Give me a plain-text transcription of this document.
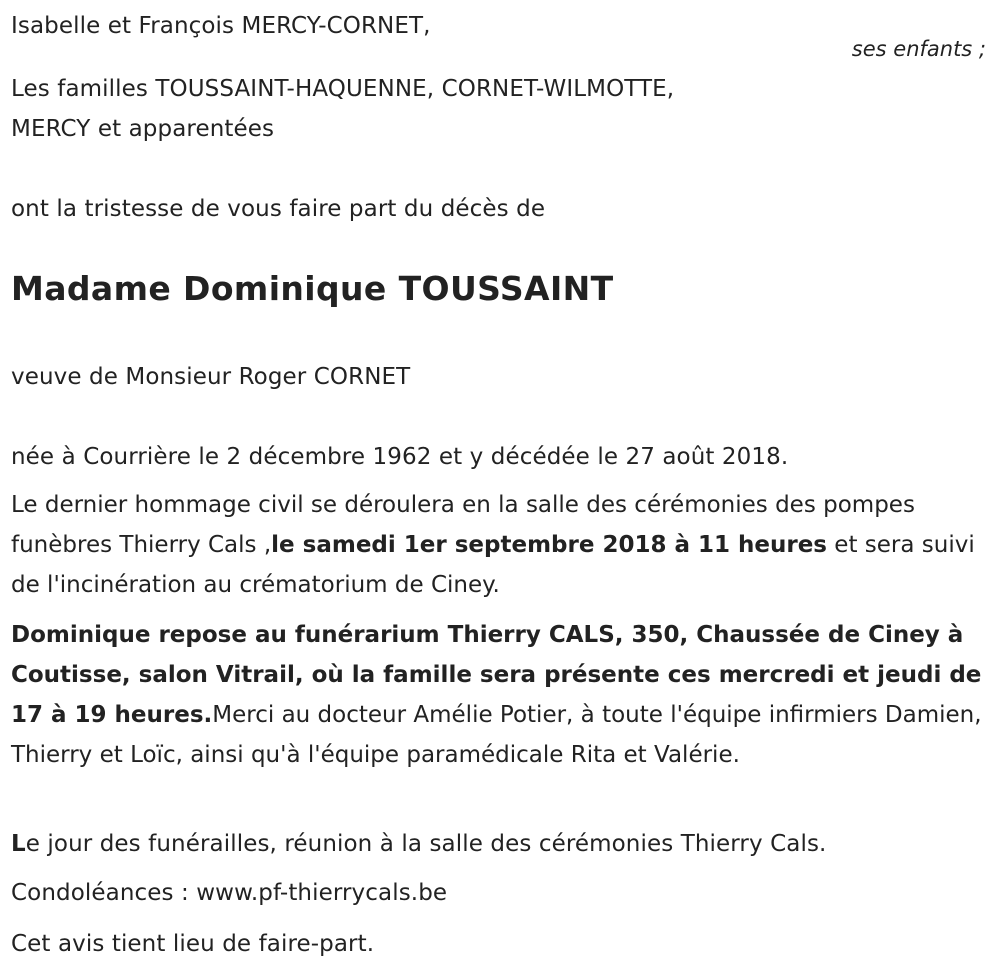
Isabelle et François MERCY-CORNET,
ses enfants ;
Les familles TOUSSAINT-HAQUENNE, CORNET-WILMOTTE,
MERCY et apparentées
ont la tristesse de vous faire part du décès de
Madame Dominique TOUSSAINT
veuve de Monsieur Roger CORNET
née à Courrière le 2 décembre 1962 et y décédée le 27 août 2018.
Le dernier hommage civil se déroulera en la salle des cérémonies des pompes funèbres Thierry Cals ,le samedi 1er septembre 2018 à 11 heures et sera suivi de l'incinération au crématorium de Ciney.
Dominique repose au funérarium Thierry CALS, 350, Chaussée de Ciney à Coutisse, salon Vitrail, où la famille sera présente ces mercredi et jeudi de 17 à 19 heures.Merci au docteur Amélie Potier, à toute l'équipe infirmiers Damien, Thierry et Loïc, ainsi qu'à l'équipe paramédicale Rita et Valérie.
Le jour des funérailles, réunion à la salle des cérémonies Thierry Cals.
Condoléances : www.pf-thierrycals.be
Cet avis tient lieu de faire-part.
